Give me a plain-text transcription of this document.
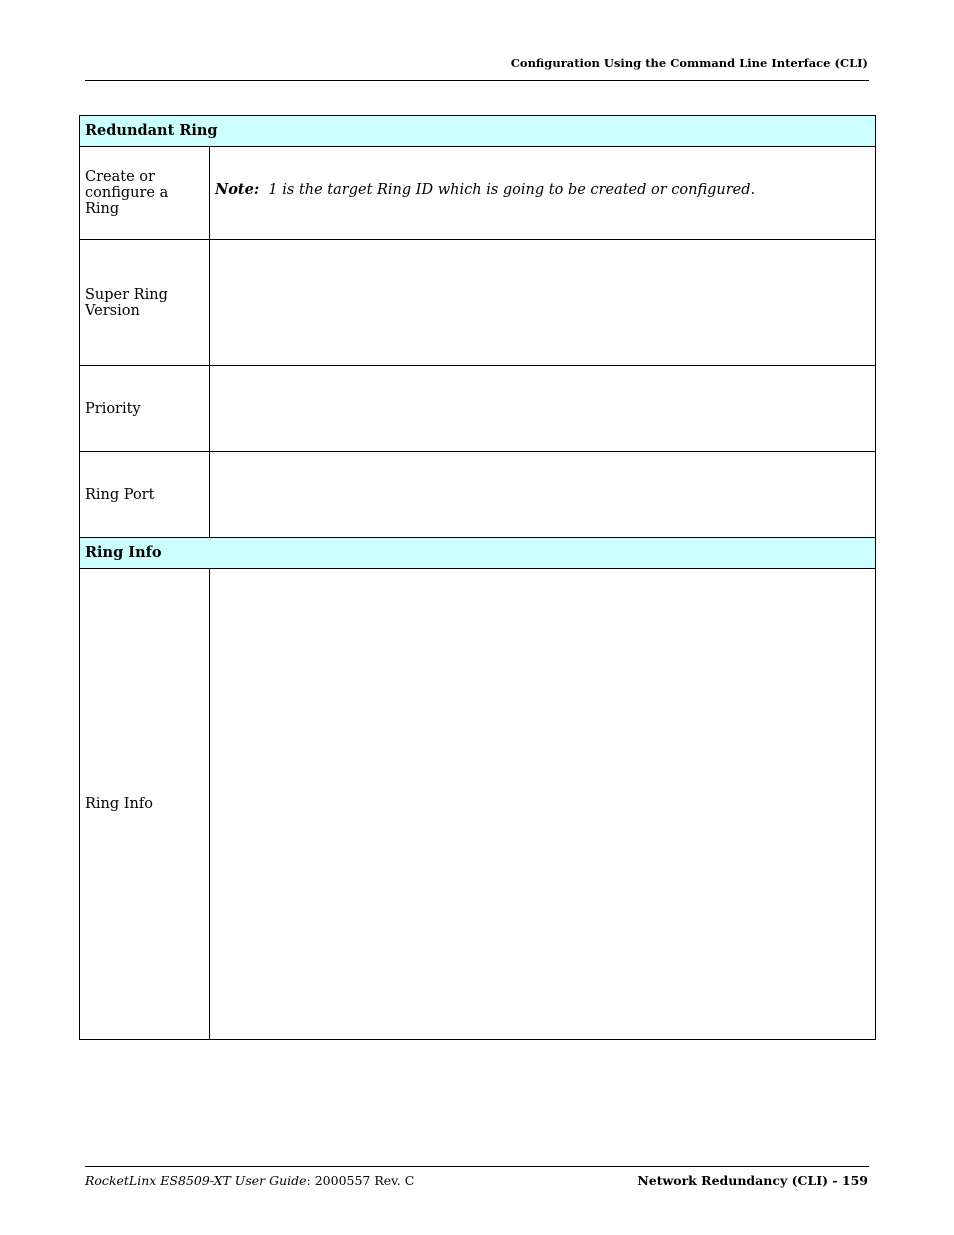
Configuration Using the Command Line Interface (CLI)
Redundant Ring	
Create or configure a Ring	Note: 1 is the target Ring ID which is going to be created or configured.

Super Ring Version	
Priority	
Ring Port	
Ring Info	
Ring Info	
RocketLinx ES8509-XT User Guide: 2000557 Rev. C	Network Redundancy (CLI) - 159
